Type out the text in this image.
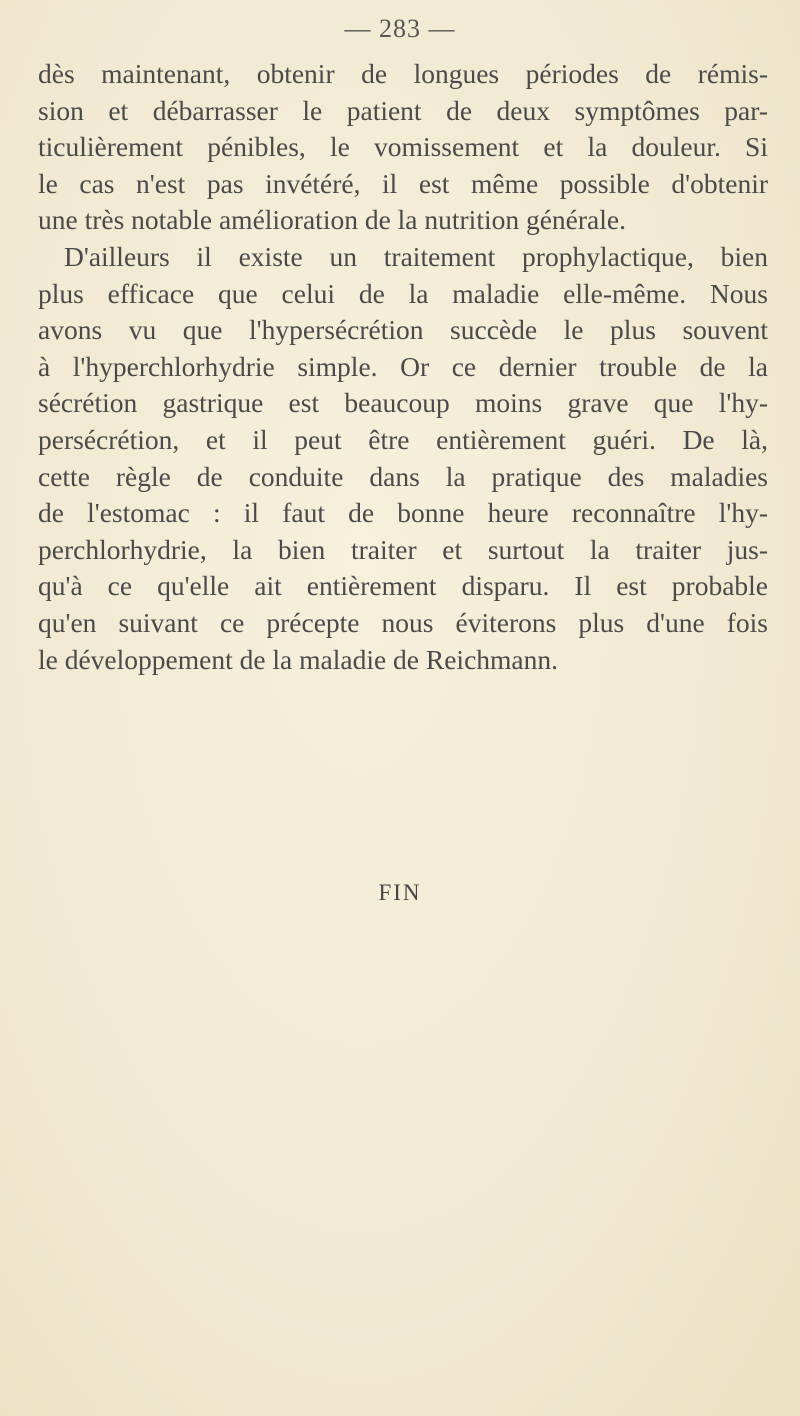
— 283 —
dès maintenant, obtenir de longues périodes de rémis-
sion et débarrasser le patient de deux symptômes par-
ticulièrement pénibles, le vomissement et la douleur. Si
le cas n'est pas invétéré, il est même possible d'obtenir
une très notable amélioration de la nutrition générale.
D'ailleurs il existe un traitement prophylactique, bien
plus efficace que celui de la maladie elle-même. Nous
avons vu que l'hypersécrétion succède le plus souvent
à l'hyperchlorhydrie simple. Or ce dernier trouble de la
sécrétion gastrique est beaucoup moins grave que l'hy-
persécrétion, et il peut être entièrement guéri. De là,
cette règle de conduite dans la pratique des maladies
de l'estomac : il faut de bonne heure reconnaître l'hy-
perchlorhydrie, la bien traiter et surtout la traiter jus-
qu'à ce qu'elle ait entièrement disparu. Il est probable
qu'en suivant ce précepte nous éviterons plus d'une fois
le développement de la maladie de Reichmann.
FIN
